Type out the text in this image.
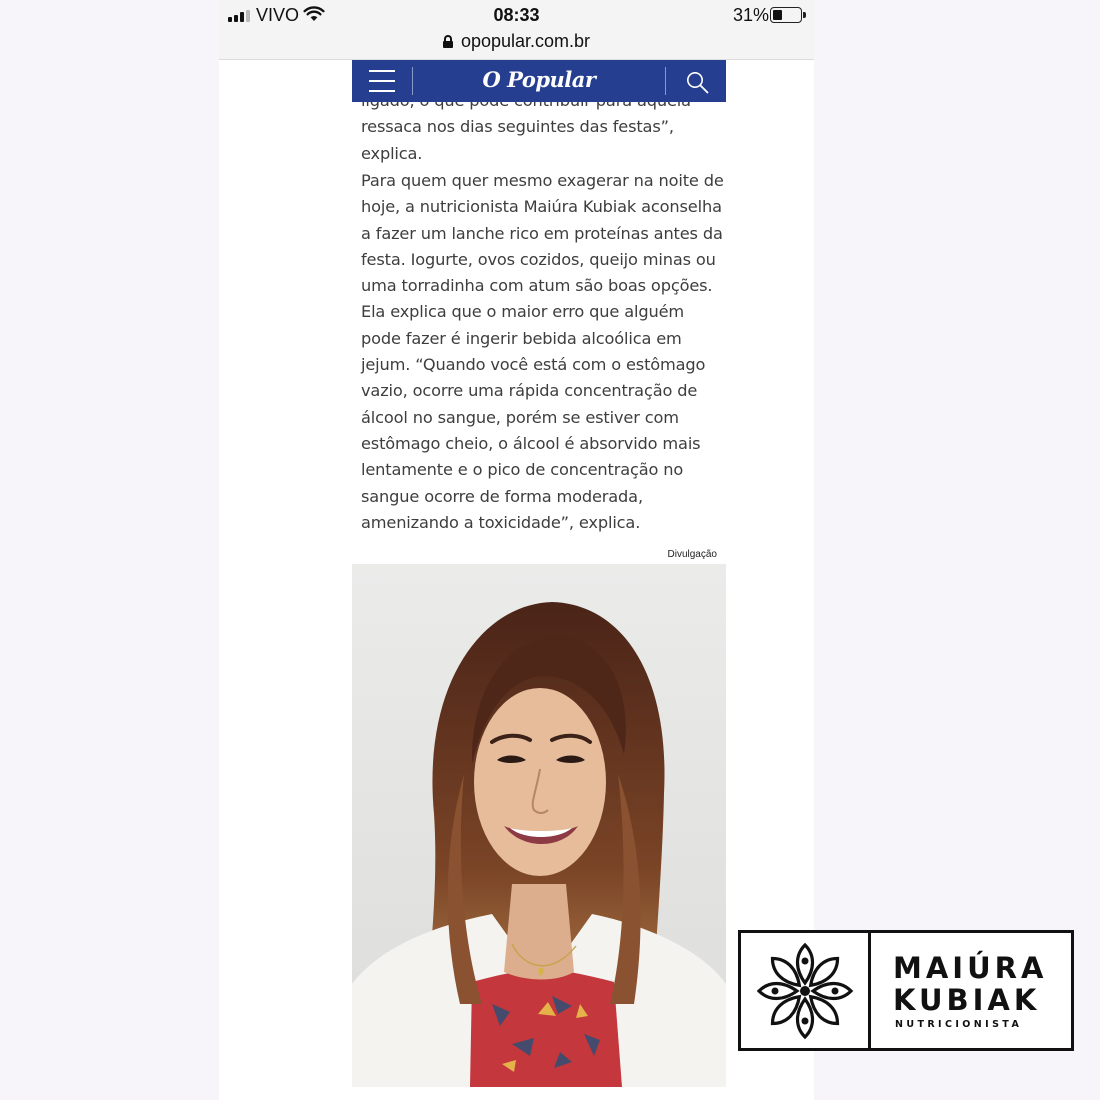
VIVO	08:33	31%
opopular.com.br

ressaca nos dias seguintes das festas”, explica.

Para quem quer mesmo exagerar na noite de hoje, a nutricionista Maiúra Kubiak aconselha a fazer um lanche rico em proteínas antes da festa. Iogurte, ovos cozidos, queijo minas ou uma torradinha com atum são boas opções. Ela explica que o maior erro que alguém pode fazer é ingerir bebida alcoólica em jejum. “Quando você está com o estômago vazio, ocorre uma rápida concentração de álcool no sangue, porém se estiver com estômago cheio, o álcool é absorvido mais lentamente e o pico de concentração no sangue ocorre de forma moderada, amenizando a toxicidade”, explica.

O Popular
Divulgação
MAIÚRA
KUBIAK
NUTRICIONISTA
